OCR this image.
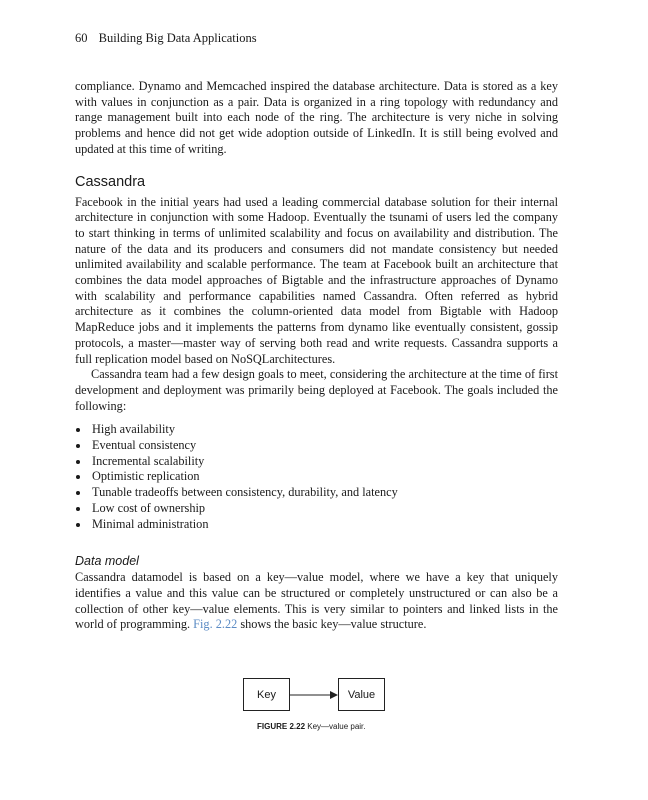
60 Building Big Data Applications

compliance. Dynamo and Memcached inspired the database architecture. Data is stored as a key with values in conjunction as a pair. Data is organized in a ring topology with redundancy and range management built into each node of the ring. The architecture is very niche in solving problems and hence did not get wide adoption outside of LinkedIn. It is still being evolved and updated at this time of writing.

Cassandra

Facebook in the initial years had used a leading commercial database solution for their internal architecture in conjunction with some Hadoop. Eventually the tsunami of users led the company to start thinking in terms of unlimited scalability and focus on availability and distribution. The nature of the data and its producers and consumers did not mandate consistency but needed unlimited availability and scalable performance. The team at Facebook built an architecture that combines the data model approaches of Bigtable and the infrastructure approaches of Dynamo with scalability and performance capabilities named Cassandra. Often referred as hybrid architecture as it combines the column-oriented data model from Bigtable with Hadoop MapReduce jobs and it implements the patterns from dynamo like eventually consistent, gossip protocols, a master—master way of serving both read and write requests. Cassandra supports a full replication model based on NoSQLarchitectures.

Cassandra team had a few design goals to meet, considering the architecture at the time of first development and deployment was primarily being deployed at Facebook. The goals included the following:

High availability
Eventual consistency
Incremental scalability
Optimistic replication
Tunable tradeoffs between consistency, durability, and latency
Low cost of ownership
Minimal administration
Data model

Cassandra datamodel is based on a key—value model, where we have a key that uniquely identifies a value and this value can be structured or completely unstructured or can also be a collection of other key—value elements. This is very similar to pointers and linked lists in the world of programming. Fig. 2.22 shows the basic key—value structure.

Key	Value
FIGURE 2.22 Key—value pair.
